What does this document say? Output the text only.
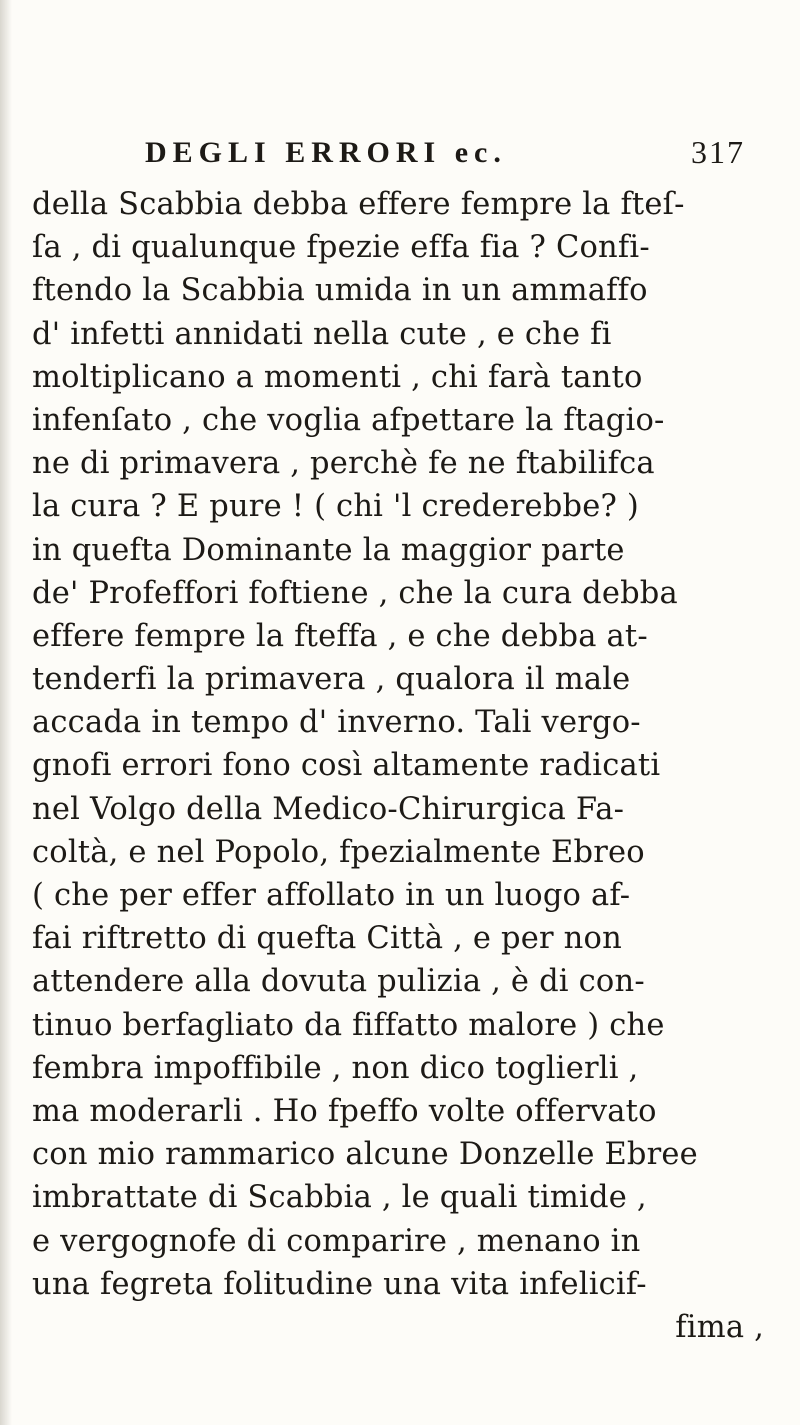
DEGLI ERRORI ec.	317
della Scabbia debba effere fempre la fteſ-
ſa , di qualunque fpezie effa fia ? Confi-
ftendo la Scabbia umida in un ammaffo
d' infetti annidati nella cute , e che fi
moltiplicano a momenti , chi farà tanto
infenſato , che voglia afpettare la ftagio-
ne di primavera , perchè fe ne ftabilifca
la cura ? E pure ! ( chi 'l crederebbe? )
in quefta Dominante la maggior parte
de' Profeffori foftiene , che la cura debba
effere fempre la fteffa , e che debba at-
tenderfi la primavera , qualora il male
accada in tempo d' inverno. Tali vergo-
gnofi errori fono così altamente radicati
nel Volgo della Medico-Chirurgica Fa-
coltà, e nel Popolo, fpezialmente Ebreo
( che per effer affollato in un luogo af-
fai riftretto di quefta Città , e per non
attendere alla dovuta pulizia , è di con-
tinuo berfagliato da fiffatto malore ) che
fembra impoffibile , non dico toglierli ,
ma moderarli . Ho fpeffo volte offervato
con mio rammarico alcune Donzelle Ebree
imbrattate di Scabbia , le quali timide ,
e vergognofe di comparire , menano in
una fegreta folitudine una vita infelicif-
fima ,
